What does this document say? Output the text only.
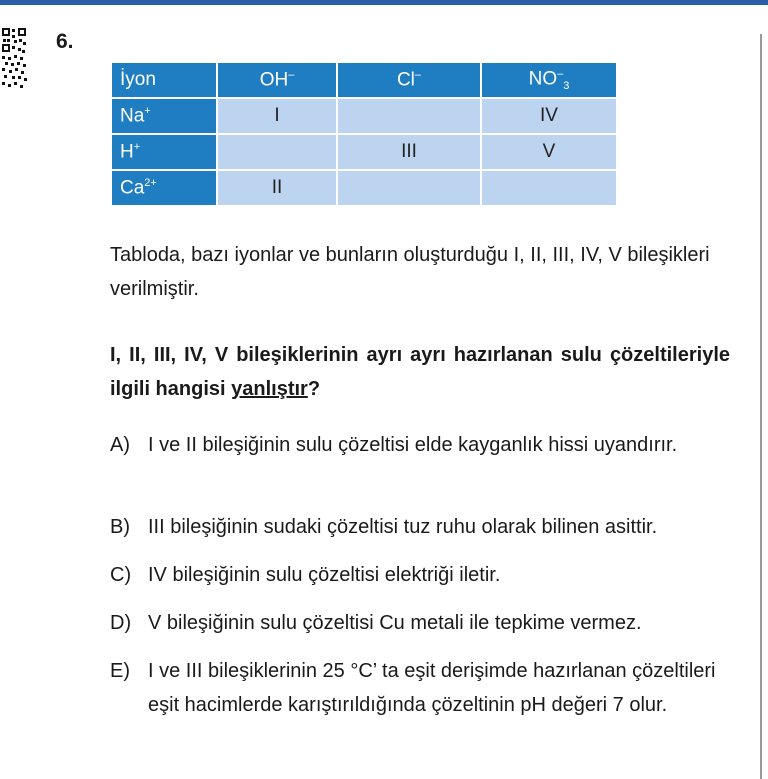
6.
İyon	OH–	Cl–	$NO^-_3$
Na+	I		IV
H+		III	V
$Ca^{2+}$	II		
Tabloda, bazı iyonlar ve bunların oluşturduğu I, II, III, IV, V bileşikleri verilmiştir.
I, II, III, IV, V bileşiklerinin ayrı ayrı hazırlanan sulu çözeltileriyle ilgili hangisi yanlıştır?
A) I ve II bileşiğinin sulu çözeltisi elde kayganlık hissi uyandırır.
B) III bileşiğinin sudaki çözeltisi tuz ruhu olarak bilinen asittir.
C) IV bileşiğinin sulu çözeltisi elektriği iletir.
D) V bileşiğinin sulu çözeltisi Cu metali ile tepkime vermez.
E) I ve III bileşiklerinin 25 °C’ ta eşit derişimde hazırlanan çözeltileri eşit hacimlerde karıştırıldığında çözeltinin pH değeri 7 olur.
